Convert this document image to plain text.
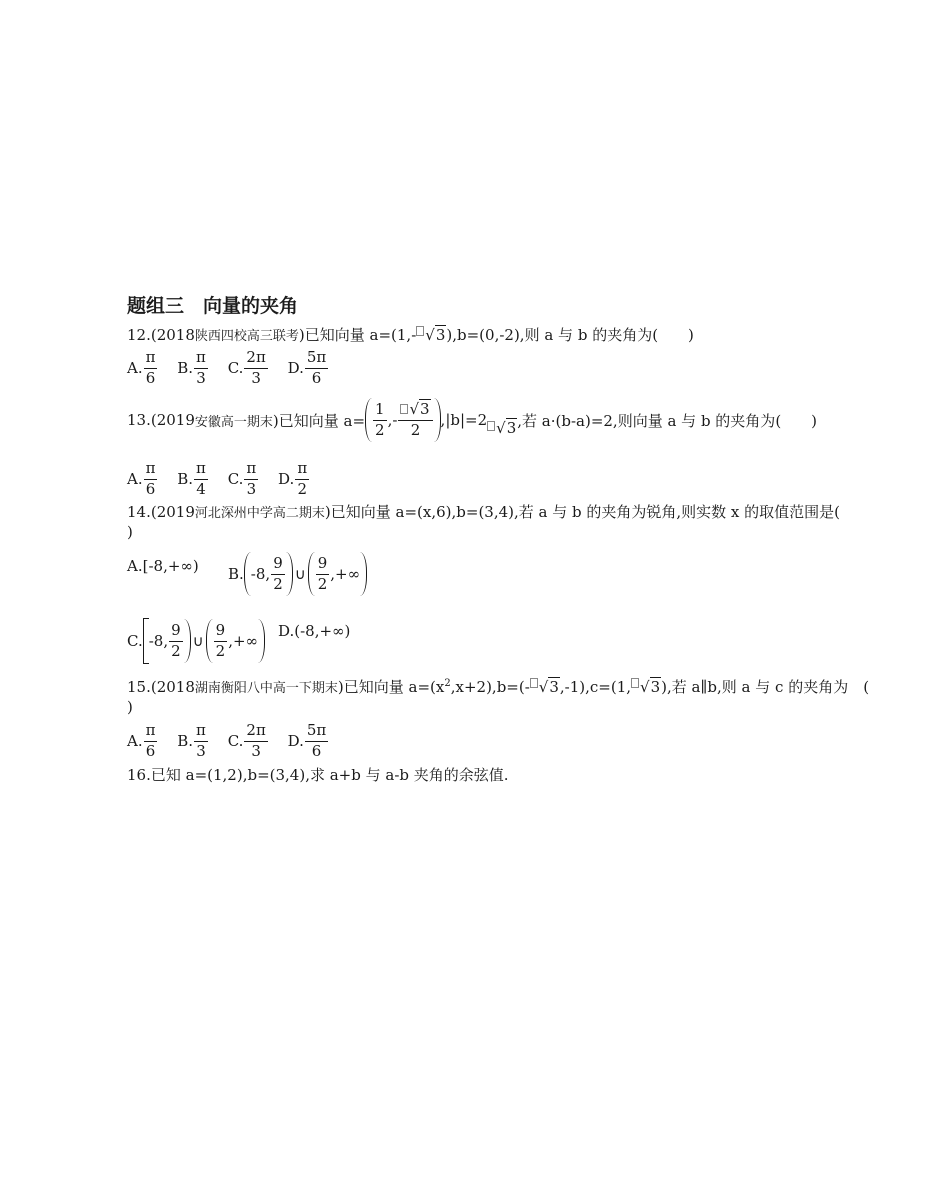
题组三　向量的夹角
12.(2018陕西四校高三联考)已知向量 a=(1,- √3),b=(0,-2),则 a 与 b 的夹角为(　　)
A. $\frac{\pi}{6}$
B. $\frac{\pi}{3}$
C. $\frac{2\pi}{3}$
D. $\frac{5\pi}{6}$
13.(2019 安徽高一期末 )已知向量 $a= \frac{1}{2}$ ,- $\frac{√3}{2} ,|b|=2$ √3 ,若 a·(b-a)=2,则向量 a 与 b 的夹角为(　　)
A. $\frac{\pi}{6}$
B. $\frac{\pi}{4}$
C. $\frac{\pi}{3}$
D. $\frac{\pi}{2}$
14.(2019河北深州中学高二期末)已知向量 a=(x,6),b=(3,4),若 a 与 b 的夹角为锐角,则实数 x 的取值范围是(
)
A.[-8,+∞) B. -8, $\frac{9}{2}$ ∪ $\frac{9}{2}$ ,+∞
C. -8, $\frac{9}{2}$ ∪ $\frac{9}{2}$ ,+∞
D.(-8,+∞)
15.(2018湖南衡阳八中高一下期末)已知向量 $a=(x^2,x+2),b=(-$ √3,-1),c=(1, √3),若 a∥b,则 a 与 c 的夹角为　(
)
A. $\frac{\pi}{6}$
B. $\frac{\pi}{3}$
C. $\frac{2\pi}{3}$
D. $\frac{5\pi}{6}$
16.已知 a=(1,2),b=(3,4),求 a+b 与 a-b 夹角的余弦值.
